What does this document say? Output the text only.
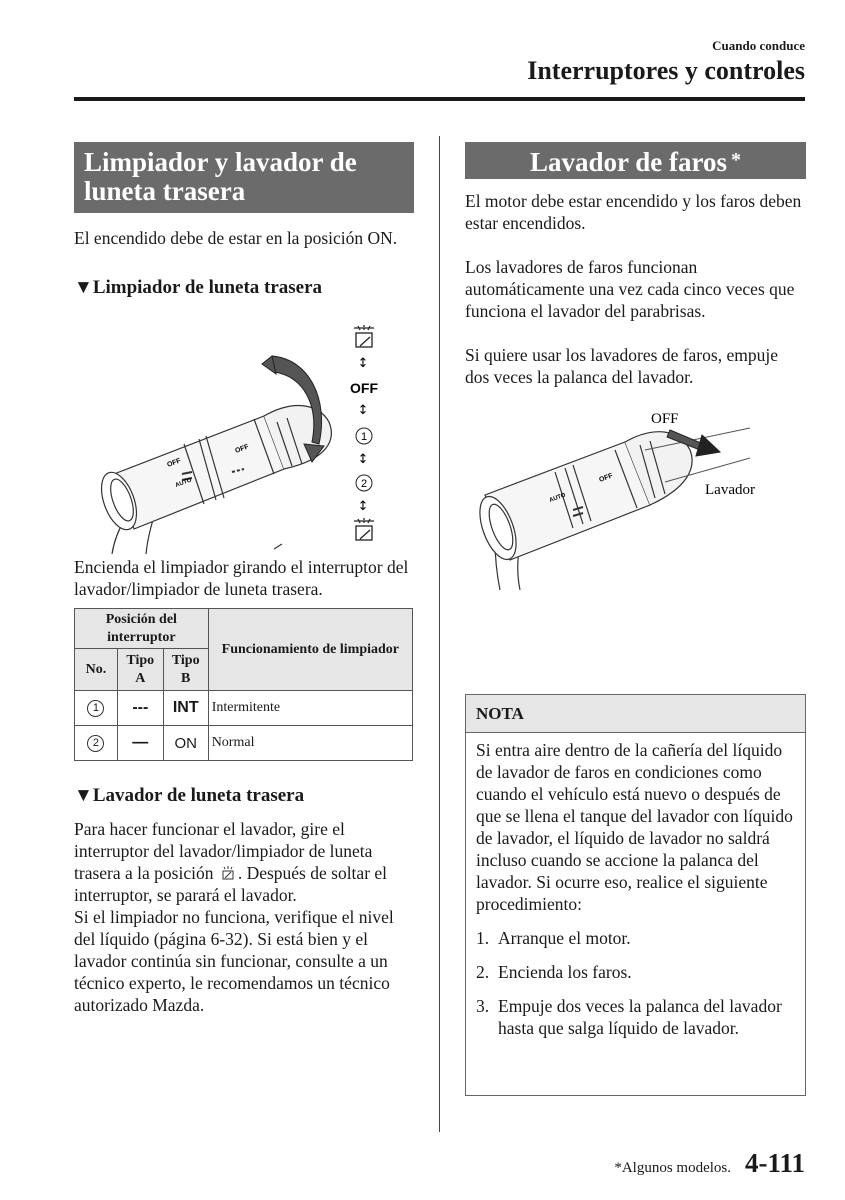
Cuando conduce
Interruptores y controles
Limpiador y lavador de luneta trasera

El encendido debe de estar en la posición ON.

▼Limpiador de luneta trasera
OFF
AUTO
OFF
↕
OFF
↕
1
↕
2
↕

Encienda el limpiador girando el interruptor del lavador/limpiador de luneta trasera.

Posición del interruptor			Funcionamiento de limpiador
No.	Tipo A	Tipo B	
1	---	INT	Intermitente
2	—	ON	Normal
▼Lavador de luneta trasera

Para hacer funcionar el lavador, gire el interruptor del lavador/limpiador de luneta trasera a la posición . Después de soltar el interruptor, se parará el lavador.

Si el limpiador no funciona, verifique el nivel del líquido (página 6-32). Si está bien y el lavador continúa sin funcionar, consulte a un técnico experto, le recomendamos un técnico autorizado Mazda.

Lavador de faros *

El motor debe estar encendido y los faros deben estar encendidos.

Los lavadores de faros funcionan automáticamente una vez cada cinco veces que funciona el lavador del parabrisas.

Si quiere usar los lavadores de faros, empuje dos veces la palanca del lavador.

OFF
AUTO
OFF
Lavador
NOTA

Si entra aire dentro de la cañería del líquido de lavador de faros en condiciones como cuando el vehículo está nuevo o después de que se llena el tanque del lavador con líquido de lavador, el líquido de lavador no saldrá incluso cuando se accione la palanca del lavador. Si ocurre eso, realice el siguiente procedimiento:

1. Arranque el motor.
2. Encienda los faros.
3. Empuje dos veces la palanca del lavador hasta que salga líquido de lavador.
*Algunos modelos. 4-111
